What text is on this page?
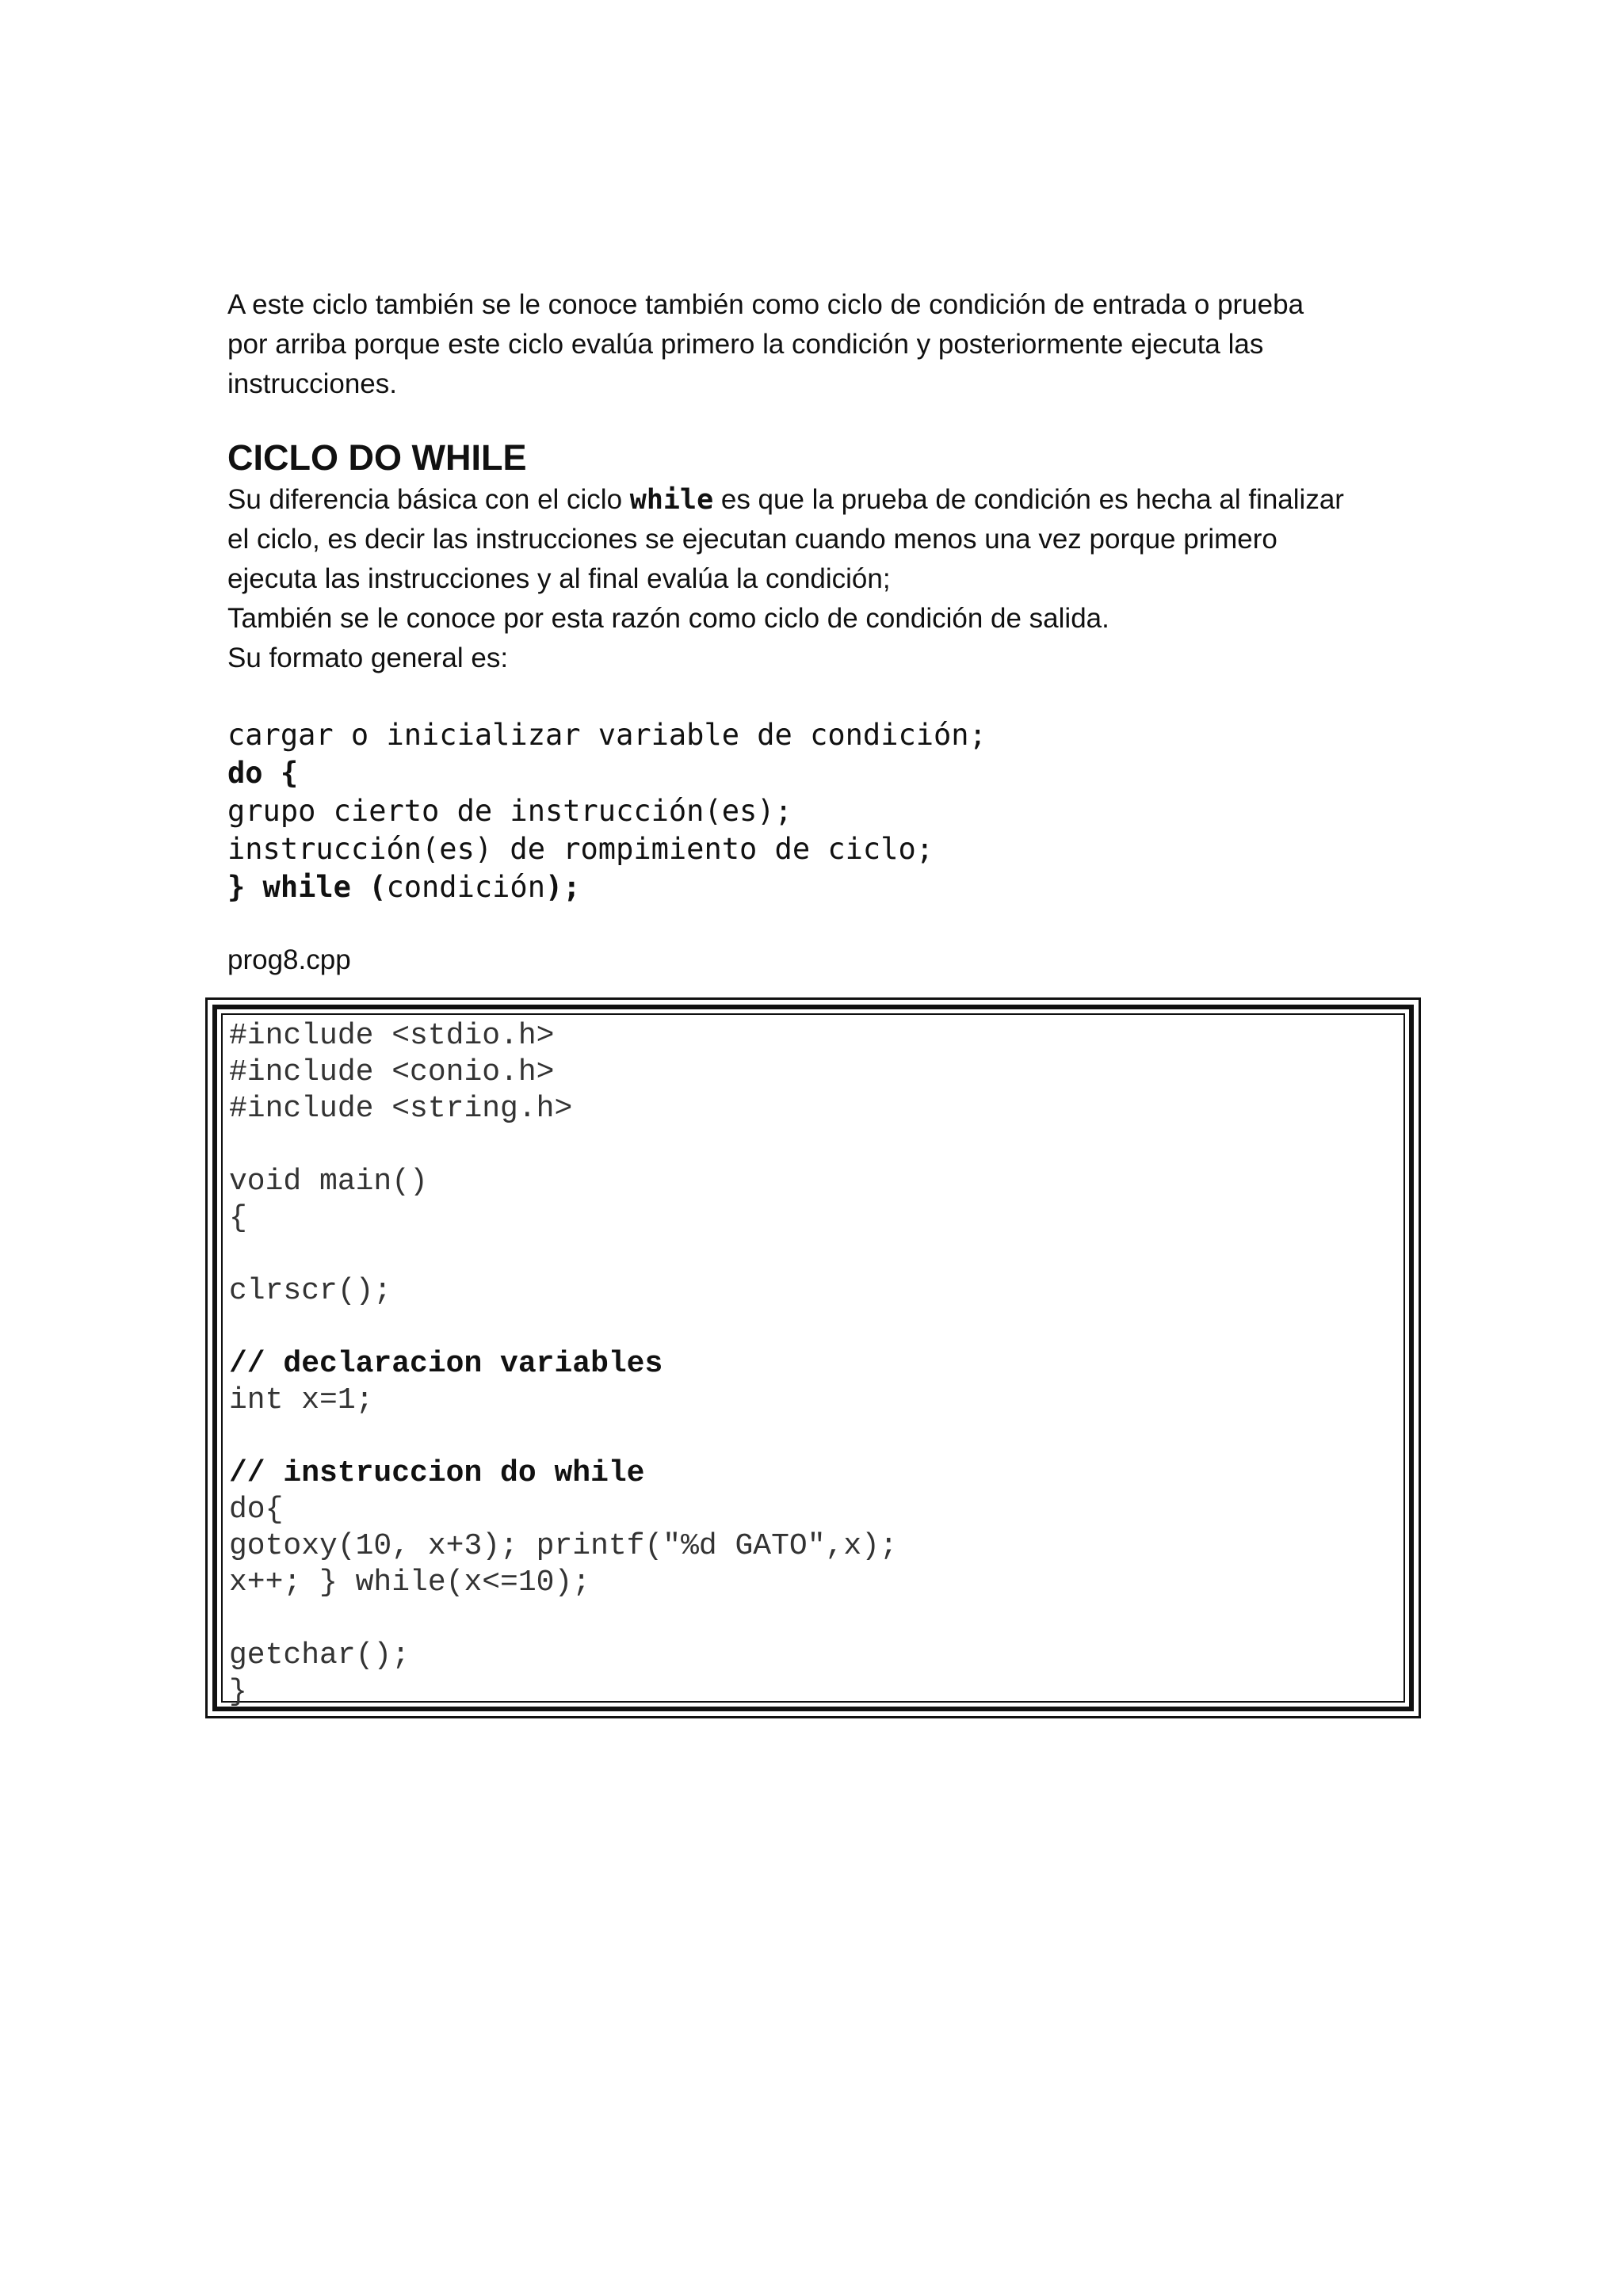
A este ciclo también se le conoce también como ciclo de condición de entrada o prueba
por arriba porque este ciclo evalúa primero la condición y posteriormente ejecuta las
instrucciones.

CICLO DO WHILE

Su diferencia básica con el ciclo while es que la prueba de condición es hecha al finalizar
el ciclo, es decir las instrucciones se ejecutan cuando menos una vez porque primero
ejecuta las instrucciones y al final evalúa la condición;
También se le conoce por esta razón como ciclo de condición de salida.
Su formato general es:

cargar o inicializar variable de condición;
do {
grupo cierto de instrucción(es);
instrucción(es) de rompimiento de ciclo;
} while (condición);

prog8.cpp

#include <stdio.h>
#include <conio.h>
#include <string.h>
void main()
{
clrscr();
// declaracion variables
int x=1;
// instruccion do while
do{
gotoxy(10, x+3); printf("%d GATO",x);
x++; } while(x<=10);
getchar();
}
